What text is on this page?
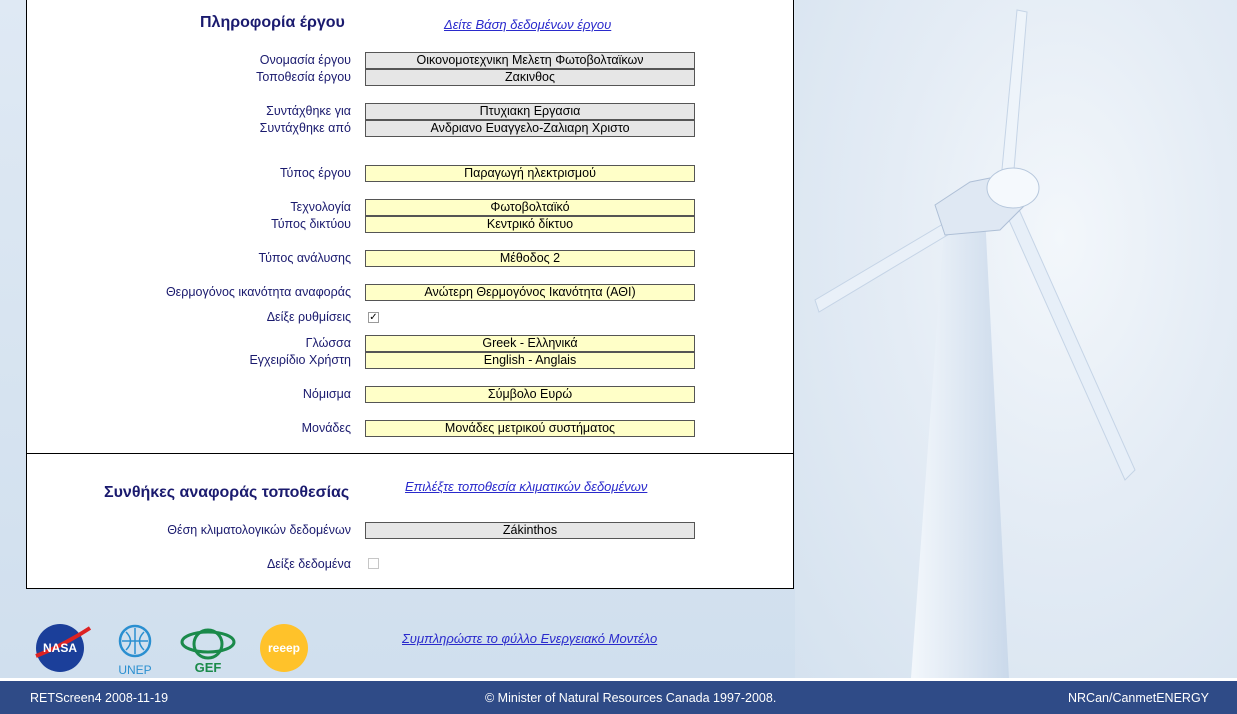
Πληροφορία έργου	Δείτε Βάση δεδομένων έργου
Ονομασία έργου	Οικονομοτεχνικη Μελετη Φωτοβολταϊκων
Τοποθεσία έργου	Ζακινθος
Συντάχθηκε για	Πτυχιακη Εργασια
Συντάχθηκε από	Ανδριανο Ευαγγελο-Ζαλιαρη Χριστο
Τύπος έργου	Παραγωγή ηλεκτρισμού
Τεχνολογία	Φωτοβολταϊκό
Τύπος δικτύου	Κεντρικό δίκτυο
Τύπος ανάλυσης	Μέθοδος 2
Θερμογόνος ικανότητα αναφοράς	Ανώτερη Θερμογόνος Ικανότητα (ΑΘΙ)
Δείξε ρυθμίσεις ✓
Γλώσσα	Greek - Ελληνικά
Εγχειρίδιο Χρήστη	English - Anglais
Νόμισμα	Σύμβολο Ευρώ
Μονάδες	Μονάδες μετρικού συστήματος
Συνθήκες αναφοράς τοποθεσίας	Επιλέξτε τοποθεσία κλιματικών δεδομένων
Θέση κλιματολογικών δεδομένων	Zákinthos
Δείξε δεδομένα
NASA
UNEP	GEF
reeep
Συμπληρώστε το φύλλο Ενεργειακό Μοντέλο
RETScreen4 2008-11-19	© Minister of Natural Resources Canada 1997-2008.	NRCan/CanmetENERGY
